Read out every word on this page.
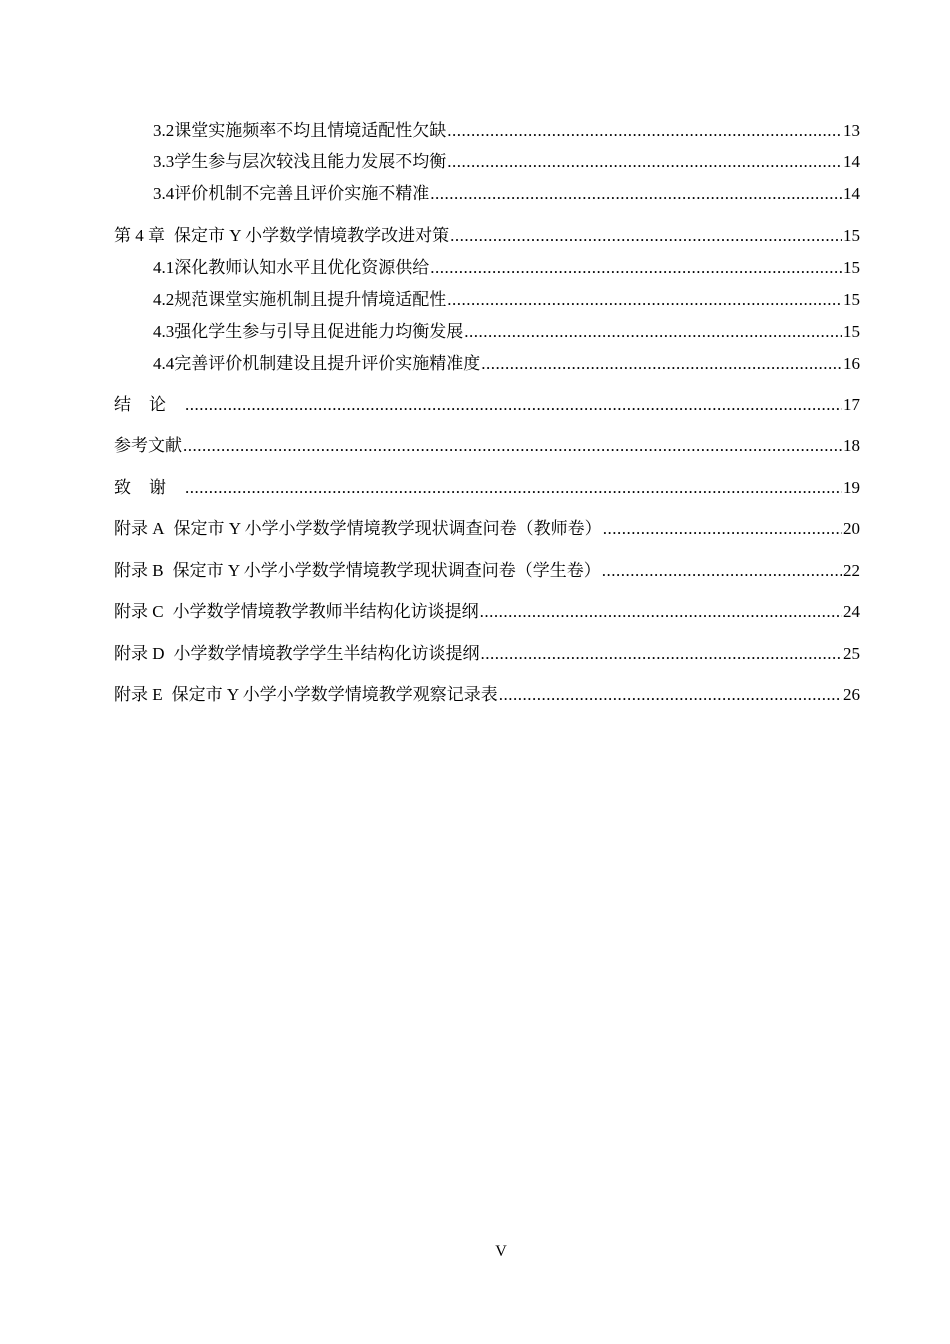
3.2 课堂实施频率不均且情境适配性欠缺 .....	13
3.3 学生参与层次较浅且能力发展不均衡 .....	14
3.4 评价机制不完善且评价实施不精准 .....	14
第 4 章 保定市 Y 小学数学情境教学改进对策 .....	15
4.1 深化教师认知水平且优化资源供给 .....	15
4.2 规范课堂实施机制且提升情境适配性 .....	15
4.3 强化学生参与引导且促进能力均衡发展 .....	15
4.4 完善评价机制建设且提升评价实施精准度 .....	16
结论 .....	17
参考文献 .....	18
致谢 .....	19
附录 A 保定市 Y 小学小学数学情境教学现状调查问卷（教师卷） .....	20
附录 B 保定市 Y 小学小学数学情境教学现状调查问卷（学生卷） .....	22
附录 C 小学数学情境教学教师半结构化访谈提纲 .....	24
附录 D 小学数学情境教学学生半结构化访谈提纲 .....	25
附录 E 保定市 Y 小学小学数学情境教学观察记录表 .....	26
V
